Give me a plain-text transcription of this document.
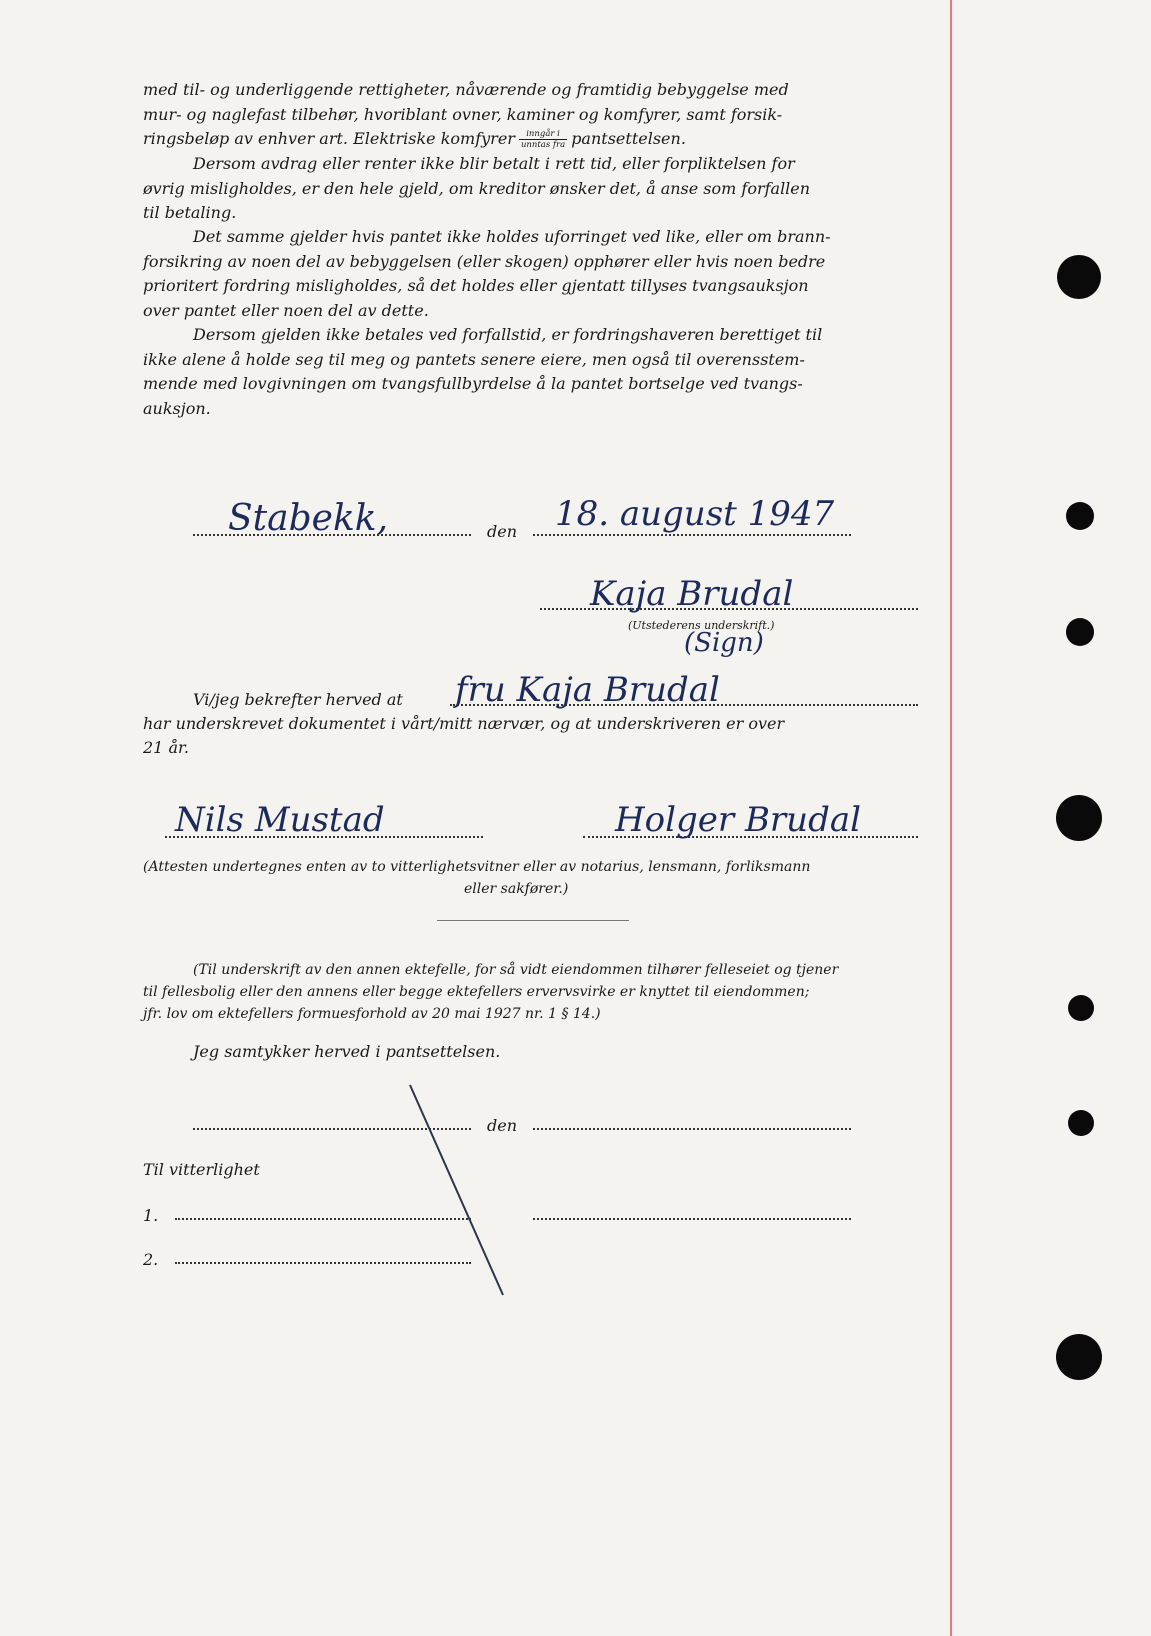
med til- og underliggende rettigheter, nåværende og framtidig bebyggelse med
mur- og naglefast tilbehør, hvoriblant ovner, kaminer og komfyrer, samt forsik-
ringsbeløp av enhver art. Elektriske komfyrer $\frac{\text{inngår i}}{\text{unntas fra}}$ pantsettelsen.

Dersom avdrag eller renter ikke blir betalt i rett tid, eller forpliktelsen for
øvrig misligholdes, er den hele gjeld, om kreditor ønsker det, å anse som forfallen
til betaling.

Det samme gjelder hvis pantet ikke holdes uforringet ved like, eller om brann-
forsikring av noen del av bebyggelsen (eller skogen) opphører eller hvis noen bedre
prioritert fordring misligholdes, så det holdes eller gjentatt tillyses tvangsauksjon
over pantet eller noen del av dette.

Dersom gjelden ikke betales ved forfallstid, er fordringshaveren berettiget til
ikke alene å holde seg til meg og pantets senere eiere, men også til overensstem-
mende med lovgivningen om tvangsfullbyrdelse å la pantet bortselge ved tvangs-
auksjon.

Stabekk,	den 18. august 1947
Kaja Brudal
(Utstederens underskrift.)
(Sign)
Vi/jeg bekrefter herved at fru Kaja Brudal
har underskrevet dokumentet i vårt/mitt nærvær, og at underskriveren er over
21 år.
Nils Mustad	Holger Brudal
(Attesten undertegnes enten av to vitterlighetsvitner eller av notarius, lensmann, forliksmann
eller sakfører.)
(Til underskrift av den annen ektefelle, for så vidt eiendommen tilhører felleseiet og tjener
til fellesbolig eller den annens eller begge ektefellers ervervsvirke er knyttet til eiendommen;
jfr. lov om ektefellers formuesforhold av 20 mai 1927 nr. 1 § 14.)
Jeg samtykker herved i pantsettelsen.
den
Til vitterlighet
1.
2.
